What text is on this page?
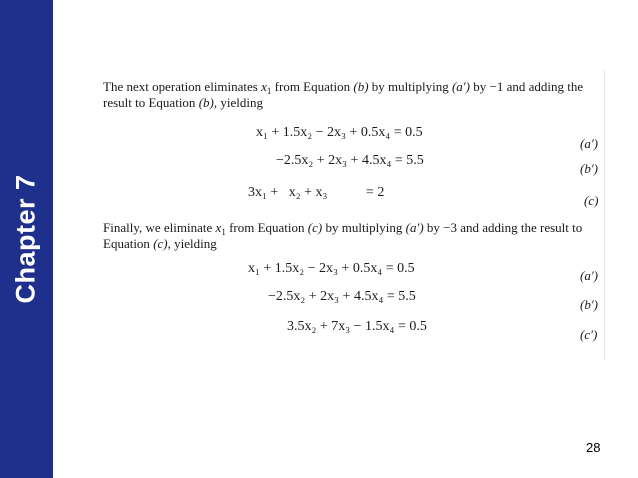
Chapter 7
The next operation eliminates $x_1$ from Equation (b) by multiplying (a′) by −1 and adding the result to Equation (b), yielding
x₁ + 1.5x₂ − 2x₃ + 0.5x₄ = 0.5
(a′)
−2.5x₂ + 2x₃ + 4.5x₄ = 5.5
(b′)
3x₁ +   x₂ + x₃           = 2
(c)
Finally, we eliminate $x_1$ from Equation (c) by multiplying (a′) by −3 and adding the result to Equation (c), yielding
x₁ + 1.5x₂ − 2x₃ + 0.5x₄ = 0.5	(a′)
−2.5x₂ + 2x₃ + 4.5x₄ = 5.5
(b′)
3.5x₂ + 7x₃ − 1.5x₄ = 0.5
(c′)
28
